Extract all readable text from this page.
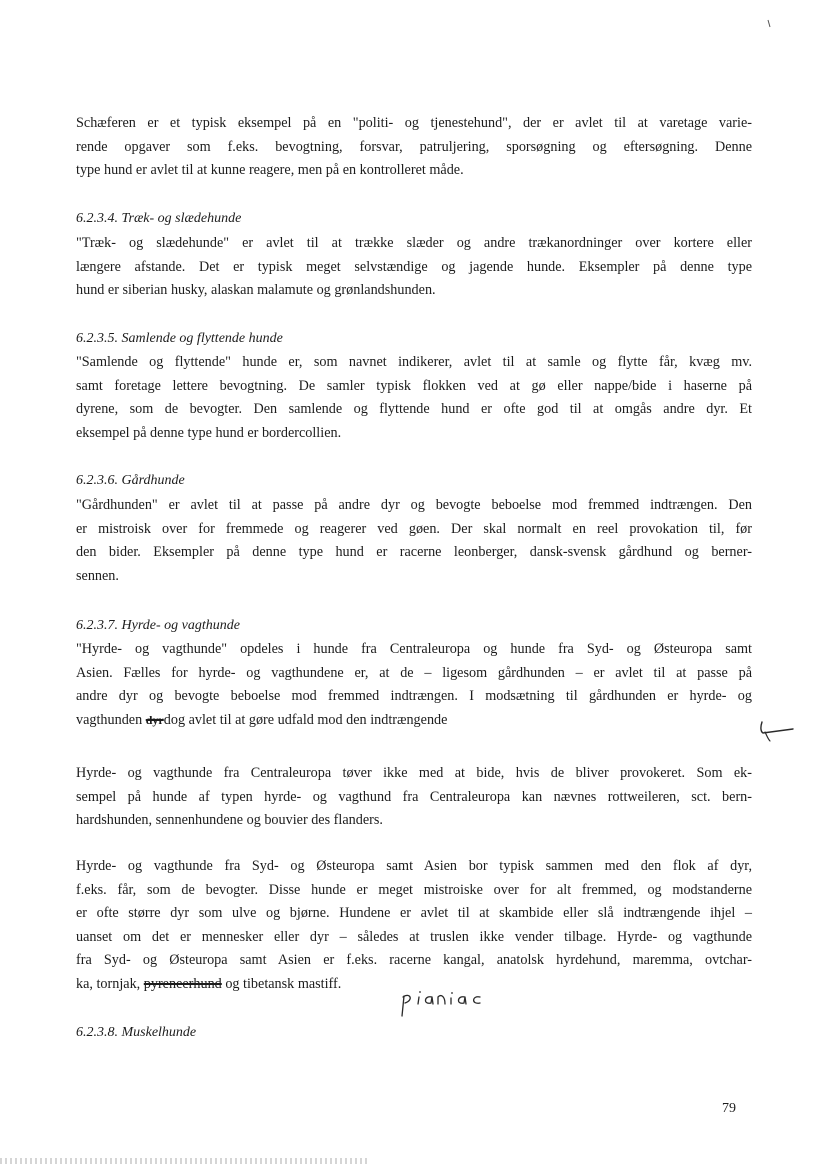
Schæferen er et typisk eksempel på en "politi- og tjenestehund", der er avlet til at varetage varie-
rende opgaver som f.eks. bevogtning, forsvar, patruljering, sporsøgning og eftersøgning. Denne
type hund er avlet til at kunne reagere, men på en kontrolleret måde.
6.2.3.4. Træk- og slædehunde
"Træk- og slædehunde" er avlet til at trække slæder og andre trækanordninger over kortere eller
længere afstande. Det er typisk meget selvstændige og jagende hunde. Eksempler på denne type
hund er siberian husky, alaskan malamute og grønlandshunden.
6.2.3.5. Samlende og flyttende hunde
"Samlende og flyttende" hunde er, som navnet indikerer, avlet til at samle og flytte får, kvæg mv.
samt foretage lettere bevogtning. De samler typisk flokken ved at gø eller nappe/bide i haserne på
dyrene, som de bevogter. Den samlende og flyttende hund er ofte god til at omgås andre dyr. Et
eksempel på denne type hund er bordercollien.
6.2.3.6. Gårdhunde
"Gårdhunden" er avlet til at passe på andre dyr og bevogte beboelse mod fremmed indtrængen. Den
er mistroisk over for fremmede og reagerer ved gøen. Der skal normalt en reel provokation til, før
den bider. Eksempler på denne type hund er racerne leonberger, dansk-svensk gårdhund og berner-
sennen.
6.2.3.7. Hyrde- og vagthunde
"Hyrde- og vagthunde" opdeles i hunde fra Centraleuropa og hunde fra Syd- og Østeuropa samt
Asien. Fælles for hyrde- og vagthundene er, at de – ligesom gårdhunden – er avlet til at passe på
andre dyr og bevogte beboelse mod fremmed indtrængen. I modsætning til gårdhunden er hyrde- og
vagthunden dyrdog avlet til at gøre udfald mod den indtrængende
Hyrde- og vagthunde fra Centraleuropa tøver ikke med at bide, hvis de bliver provokeret. Som ek-
sempel på hunde af typen hyrde- og vagthund fra Centraleuropa kan nævnes rottweileren, sct. bern-
hardshunden, sennenhundene og bouvier des flanders.
Hyrde- og vagthunde fra Syd- og Østeuropa samt Asien bor typisk sammen med den flok af dyr,
f.eks. får, som de bevogter. Disse hunde er meget mistroiske over for alt fremmed, og modstanderne
er ofte større dyr som ulve og bjørne. Hundene er avlet til at skambide eller slå indtrængende ihjel –
uanset om det er mennesker eller dyr – således at truslen ikke vender tilbage. Hyrde- og vagthunde
fra Syd- og Østeuropa samt Asien er f.eks. racerne kangal, anatolsk hyrdehund, maremma, ovtchar-
ka, tornjak, pyreneerhund og tibetansk mastiff.
6.2.3.8. Muskelhunde
79
